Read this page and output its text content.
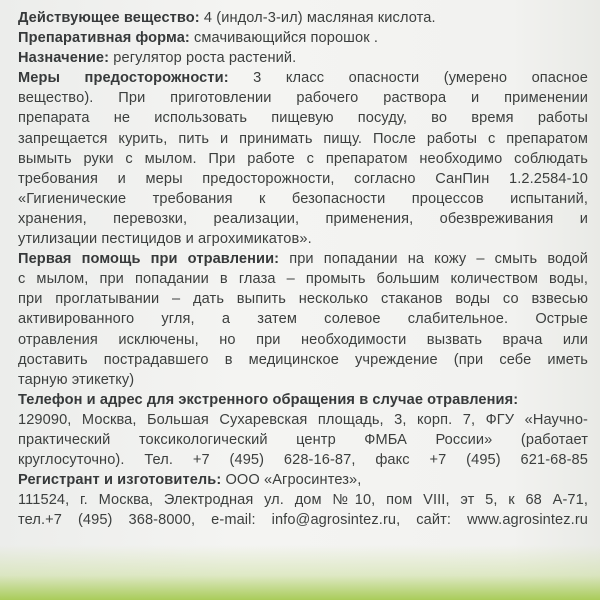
Действующее вещество: 4 (индол-3-ил) масляная кислота.

Препаративная форма: смачивающийся порошок .

Назначение: регулятор роста растений.

Меры предосторожности: 3 класс опасности (умерено опасное
веществo). При приготовлении рабочего раствора и применении
препарата не использовать пищевую посуду, во время работы
запрещается курить, пить и принимать пищу. После работы с препаратом
вымыть руки с мылом. При работе с препаратом необходимо соблюдать
требования и меры предосторожности, согласно СанПин 1.2.2584-10
«Гигиенические требования к безопасности процессов испытаний,
хранения, перевозки, реализации, применения, обезвреживания и
утилизации пестицидов и агрохимикатов».

Первая помощь при отравлении: при попадании на кожу – смыть водой
с мылом, при попадании в глаза – промыть большим количеством воды,
при проглатывании – дать выпить несколько стаканов воды со взвесью
активированного угля, а затем солевое слабительное. Острые
отравления исключены, но при необходимости вызвать врача или
доставить пострадавшего в медицинское учреждение (при себе иметь
тарную этикетку)

Телефон и адрес для экстренного обращения в случае отравления:
129090, Москва, Большая Сухаревская площадь, 3, корп. 7, ФГУ «Научно-
практический токсикологический центр ФМБА России» (работает
круглосуточно). Тел. +7 (495) 628-16-87, факс +7 (495) 621-68-85

Регистрант и изготовитель: ООО «Агросинтез»,
111524, г. Москва, Электродная ул. дом №10, пом VIII, эт 5, к 68 А-71,
тел.+7 (495) 368-8000, e-mail: info@agrosintez.ru, сайт: www.agrosintez.ru
